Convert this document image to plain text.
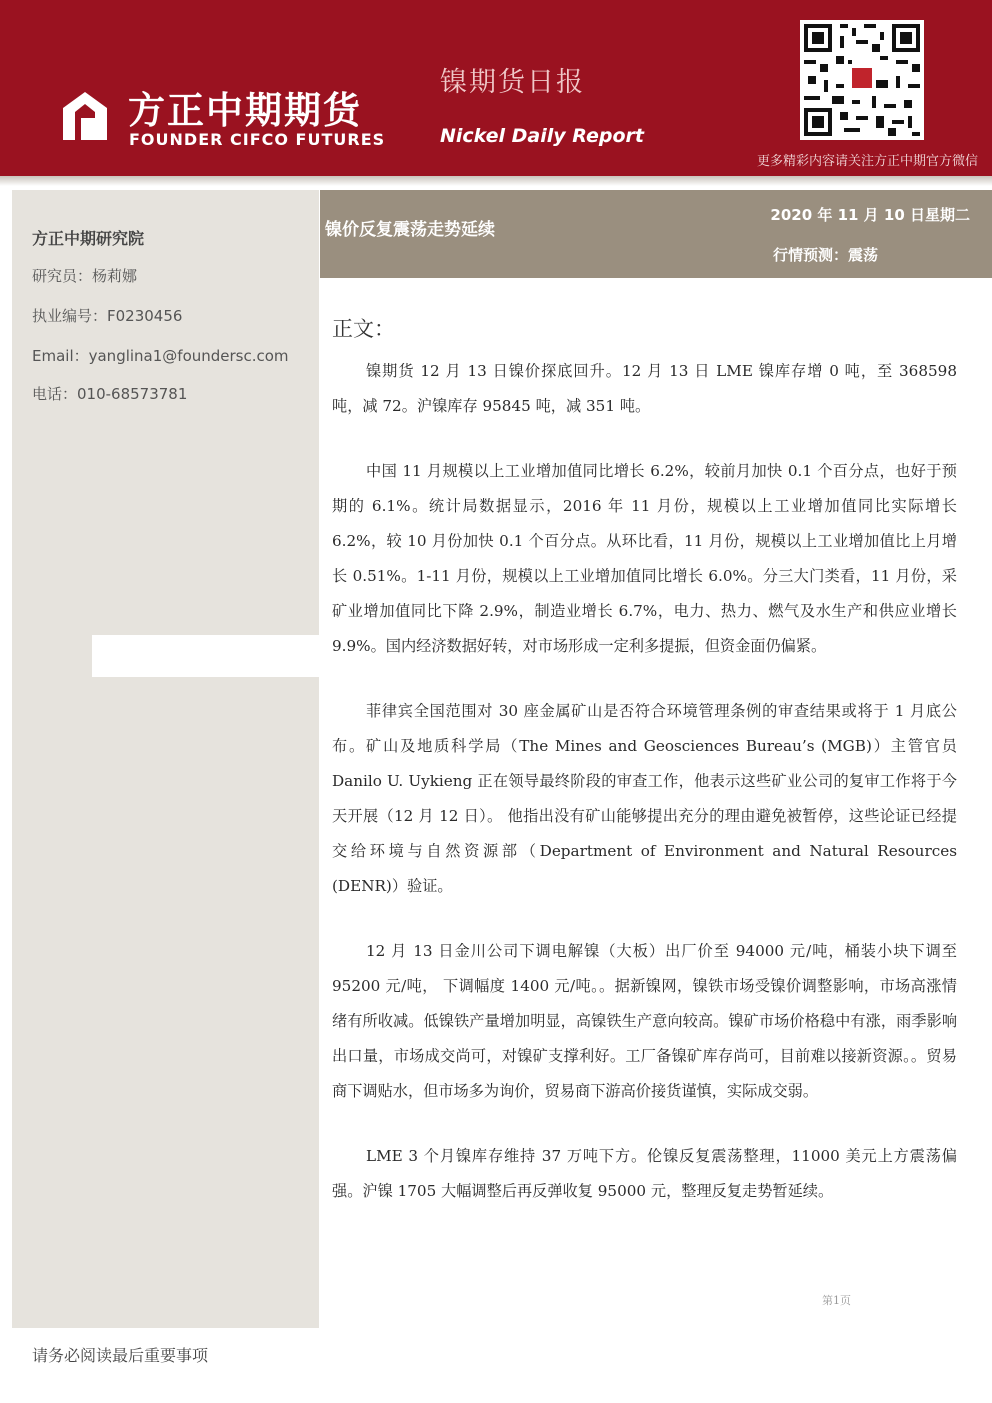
方正中期期货
FOUNDER CIFCO FUTURES
镍期货日报
Nickel Daily Report
更多精彩内容请关注方正中期官方微信
方正中期研究院
研究员：杨莉娜
执业编号：F0230456
Email：yanglina1@foundersc.com
电话：010-68573781
镍价反复震荡走势延续
2020 年 11 月 10 日星期二
行情预测：震荡
正文：

镍期货 12 月 13 日镍价探底回升。12 月 13 日 LME 镍库存增 0 吨，至 368598 吨，减 72。沪镍库存 95845 吨，减 351 吨。

中国 11 月规模以上工业增加值同比增长 6.2%，较前月加快 0.1 个百分点，也好于预期的 6.1%。统计局数据显示，2016 年 11 月份，规模以上工业增加值同比实际增长 6.2%，较 10 月份加快 0.1 个百分点。从环比看，11 月份，规模以上工业增加值比上月增长 0.51%。1-11 月份，规模以上工业增加值同比增长 6.0%。分三大门类看，11 月份，采矿业增加值同比下降 2.9%，制造业增长 6.7%，电力、热力、燃气及水生产和供应业增长 9.9%。国内经济数据好转，对市场形成一定利多提振，但资金面仍偏紧。

菲律宾全国范围对 30 座金属矿山是否符合环境管理条例的审查结果或将于 1 月底公布。矿山及地质科学局（The Mines and Geosciences Bureau’s (MGB)）主管官员 Danilo U. Uykieng 正在领导最终阶段的审查工作，他表示这些矿业公司的复审工作将于今天开展（12 月 12 日）。 他指出没有矿山能够提出充分的理由避免被暂停，这些论证已经提交给环境与自然资源部（Department of Environment and Natural Resources (DENR)）验证。

12 月 13 日金川公司下调电解镍（大板）出厂价至 94000 元/吨，桶装小块下调至 95200 元/吨， 下调幅度 1400 元/吨。。据新镍网，镍铁市场受镍价调整影响，市场高涨情绪有所收减。低镍铁产量增加明显，高镍铁生产意向较高。镍矿市场价格稳中有涨，雨季影响出口量，市场成交尚可，对镍矿支撑利好。工厂备镍矿库存尚可，目前难以接新资源。。贸易商下调贴水，但市场多为询价，贸易商下游高价接货谨慎，实际成交弱。

LME 3 个月镍库存维持 37 万吨下方。伦镍反复震荡整理，11000 美元上方震荡偏强。沪镍 1705 大幅调整后再反弹收复 95000 元，整理反复走势暂延续。

第1页
请务必阅读最后重要事项
